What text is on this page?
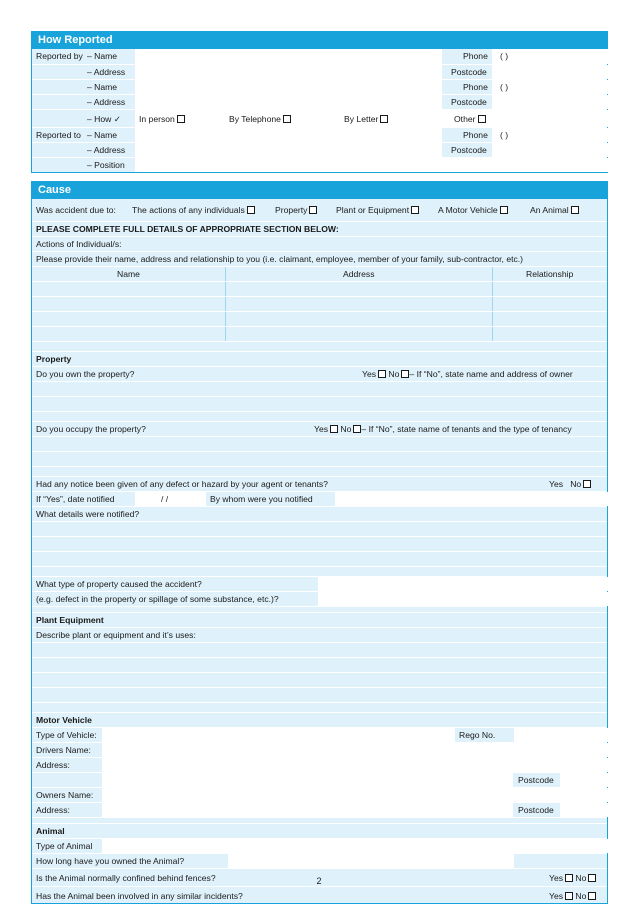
How Reported
Reported by – Name	Phone	( )
– Address	Postcode
– Name	Phone	( )
– Address	Postcode
– How ✓ In person	By Telephone	By Letter	Other
Reported to – Name	Phone	( )
– Address	Postcode
– Position
Cause
Was accident due to: The actions of any individuals	Property	Plant or Equipment	A Motor Vehicle	An Animal
PLEASE COMPLETE FULL DETAILS OF APPROPRIATE SECTION BELOW:
Actions of Individual/s:
Please provide their name, address and relationship to you (i.e. claimant, employee, member of your family, sub-contractor, etc.)
Name	Address	Relationship
Property
Do you own the property?	Yes No – If “No”, state name and address of owner
Do you occupy the property?	Yes No – If “No”, state name of tenants and the type of tenancy
Had any notice been given of any defect or hazard by your agent or tenants?	Yes No
If “Yes”, date notified	/ /	By whom were you notified
What details were notified?
What type of property caused the accident?
(e.g. defect in the property or spillage of some substance, etc.)?
Plant Equipment
Describe plant or equipment and it’s uses:
Motor Vehicle
Type of Vehicle:	Rego No.
Drivers Name:
Address:
Postcode
Owners Name:
Address:	Postcode
Animal
Type of Animal
How long have you owned the Animal?
Is the Animal normally confined behind fences?	Yes No
Has the Animal been involved in any similar incidents?	Yes No
2
